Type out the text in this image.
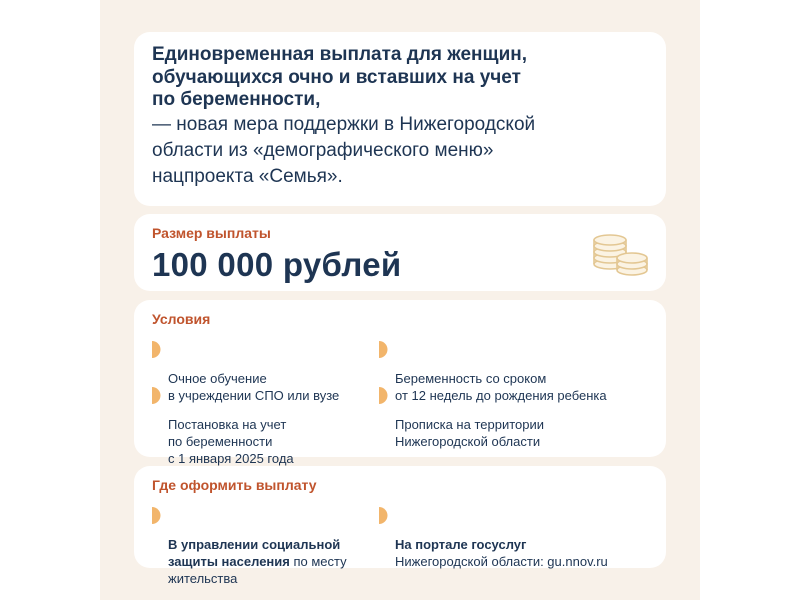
Единовременная выплата для женщин,
обучающихся очно и вставших на учет
по беременности,

— новая мера поддержки в Нижегородской
области из «демографического меню»
нацпроекта «Семья».

Размер выплаты

100 000 рублей

Условия

Очное обучение
в учреждении СПО или вузе

Беременность со сроком
от 12 недель до рождения ребенка

Постановка на учет
по беременности
с 1 января 2025 года

Прописка на территории
Нижегородской области

Где оформить выплату

В управлении социальной
защиты населения по месту
жительства

На портале госуслуг
Нижегородской области: gu.nnov.ru
